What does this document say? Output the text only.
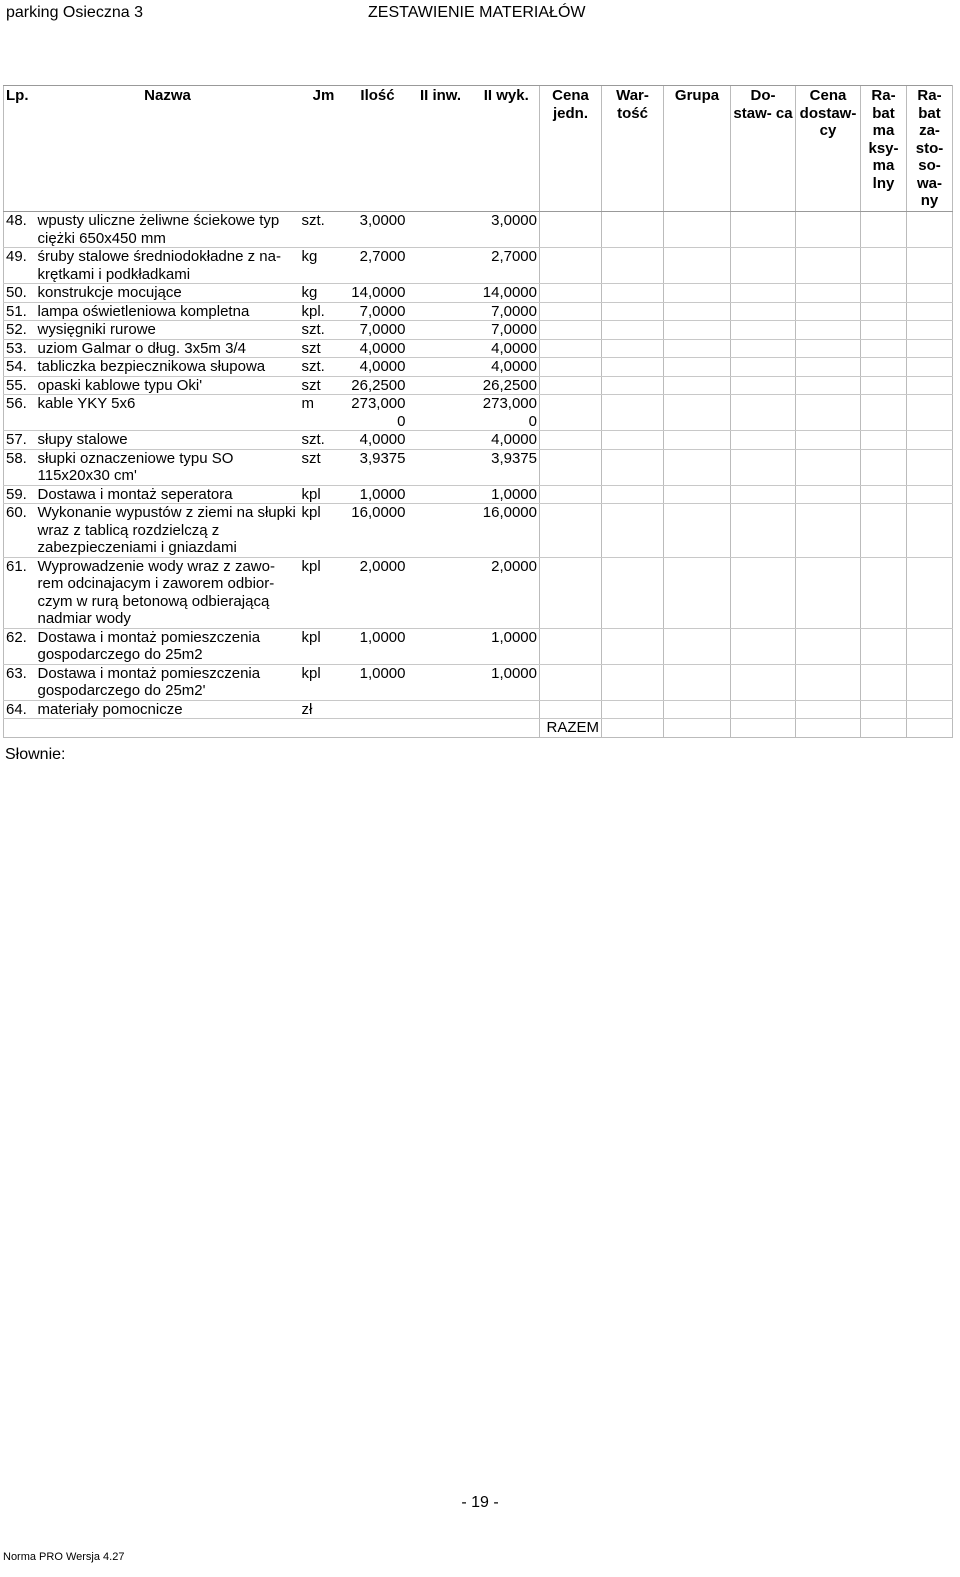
parking Osieczna 3	ZESTAWIENIE MATERIAŁÓW
Lp.	Nazwa	Jm	Ilość	II inw.	II wyk.	Cena jedn.	War- tość	Grupa	Do- staw- ca	Cena dostaw- cy	Ra- bat ma ksy- ma lny	Ra- bat za- sto- so- wa- ny
48.	wpusty uliczne żeliwne ściekowe typ ciężki 650x450 mm	szt.	3,0000		3,0000							
49.	śruby stalowe średniodokładne z na- krętkami i podkładkami	kg	2,7000		2,7000							
50.	konstrukcje mocujące	kg	14,0000		14,0000							
51.	lampa oświetleniowa kompletna	kpl.	7,0000		7,0000							
52.	wysięgniki rurowe	szt.	7,0000		7,0000							
53.	uziom Galmar o dług. 3x5m 3/4	szt	4,0000		4,0000							
54.	tabliczka bezpiecznikowa słupowa	szt.	4,0000		4,0000							
55.	opaski kablowe typu Oki'	szt	26,2500		26,2500							
56.	kable YKY 5x6	m	273,000 0		273,000 0							
57.	słupy stalowe	szt.	4,0000		4,0000							
58.	słupki oznaczeniowe typu SO 115x20x30 cm'	szt	3,9375		3,9375							
59.	Dostawa i montaż seperatora	kpl	1,0000		1,0000							
60.	Wykonanie wypustów z ziemi na słupki wraz z tablicą rozdzielczą z zabezpieczeniami i gniazdami	kpl	16,0000		16,0000							
61.	Wyprowadzenie wody wraz z zawo- rem odcinajacym i zaworem odbior- czym w rurą betonową odbierającą nadmiar wody	kpl	2,0000		2,0000							
62.	Dostawa i montaż pomieszczenia gospodarczego do 25m2	kpl	1,0000		1,0000							
63.	Dostawa i montaż pomieszczenia gospodarczego do 25m2'	kpl	1,0000		1,0000							
64.	materiały pomocnicze	zł										
						RAZEM						
Słownie:
- 19 -
Norma PRO Wersja 4.27
